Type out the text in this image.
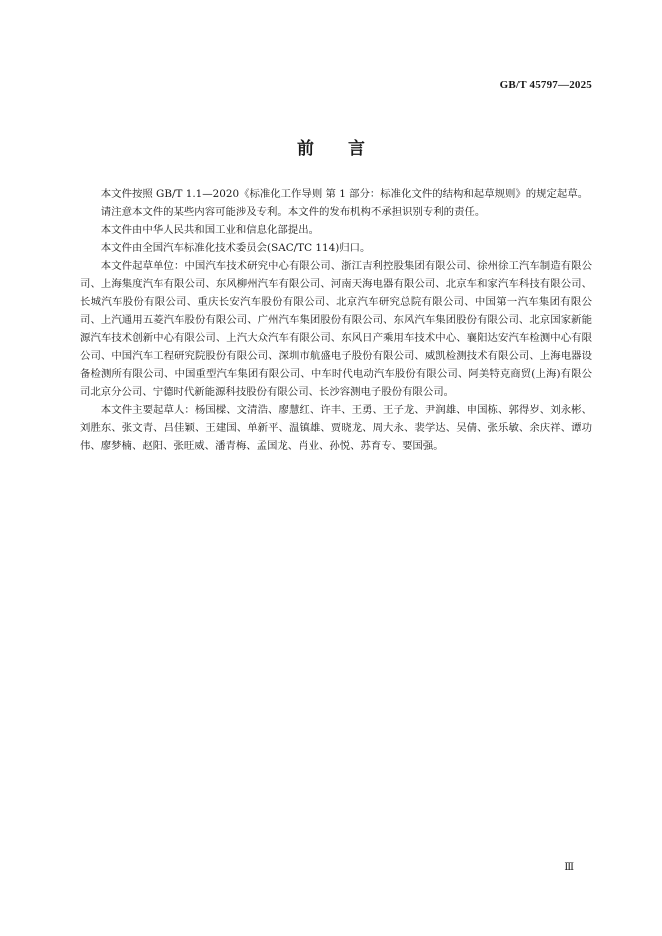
GB/T 45797—2025
前言

本文件按照 GB/T 1.1—2020《标准化工作导则 第 1 部分：标准化文件的结构和起草规则》的规定起草。

请注意本文件的某些内容可能涉及专利。本文件的发布机构不承担识别专利的责任。

本文件由中华人民共和国工业和信息化部提出。

本文件由全国汽车标准化技术委员会(SAC/TC 114)归口。

本文件起草单位：中国汽车技术研究中心有限公司、浙江吉利控股集团有限公司、徐州徐工汽车制造有限公司、上海集度汽车有限公司、东风柳州汽车有限公司、河南天海电器有限公司、北京车和家汽车科技有限公司、长城汽车股份有限公司、重庆长安汽车股份有限公司、北京汽车研究总院有限公司、中国第一汽车集团有限公司、上汽通用五菱汽车股份有限公司、广州汽车集团股份有限公司、东风汽车集团股份有限公司、北京国家新能源汽车技术创新中心有限公司、上汽大众汽车有限公司、东风日产乘用车技术中心、襄阳达安汽车检测中心有限公司、中国汽车工程研究院股份有限公司、深圳市航盛电子股份有限公司、威凯检测技术有限公司、上海电器设备检测所有限公司、中国重型汽车集团有限公司、中车时代电动汽车股份有限公司、阿美特克商贸(上海)有限公司北京分公司、宁德时代新能源科技股份有限公司、长沙容测电子股份有限公司。

本文件主要起草人：杨国樑、文清浩、廖慧红、许丰、王勇、王子龙、尹润雄、申国栋、郭得岁、刘永彬、刘胜东、张文青、吕佳颖、王建国、单新平、温镇雄、贾晓龙、周大永、裴学达、吴倩、张乐敏、余庆祥、谭功伟、廖梦楠、赵阳、张旺威、潘青梅、孟国龙、肖业、孙悦、苏育专、要国强。

Ⅲ
